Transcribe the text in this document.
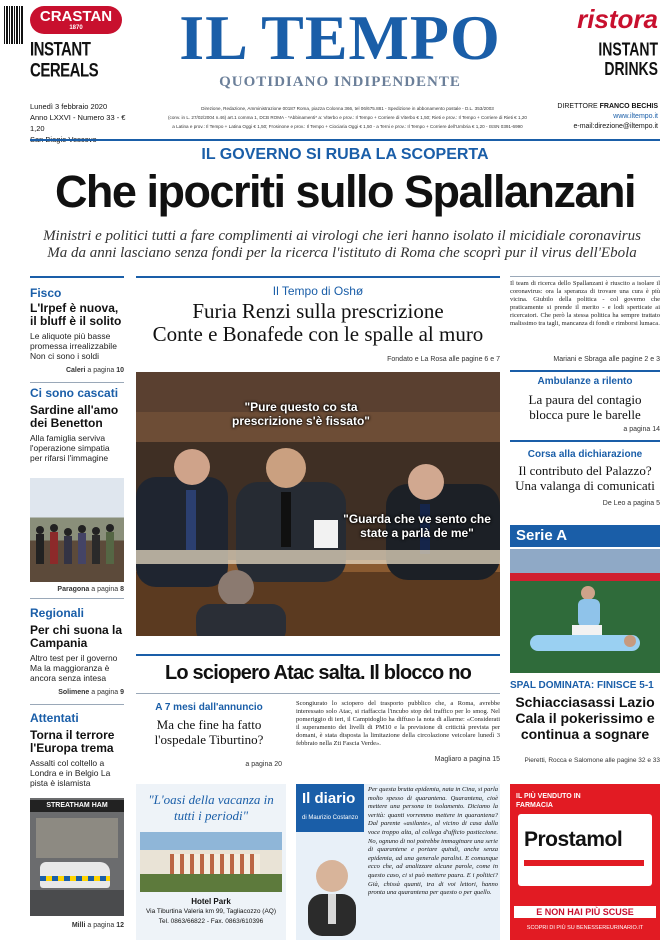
CRASTAN
1870
INSTANT CEREALS	IL TEMPO
QUOTIDIANO INDIPENDENTE
ristora
INSTANT DRINKS
Lunedì 3 febbraio 2020
Anno LXXVI - Numero 33 - € 1,20
Direzione, Redazione, Amministrazione 00187 Roma, piazza Colonna 366, tel 06/675.881 - Spedizione in abbonamento postale - D.L. 353/2003
(conv. in L. 27/02/2004 n.46) art.1 comma 1, DCB ROMA - *Abbinamenti* a: Viterbo e prov.: Il Tempo + Corriere di Viterbo € 1,50; Rieti e prov.: Il Tempo + Corriere di Rieti € 1,20
a Latina e prov.: Il Tempo + Latina Oggi € 1,50; Frosinone e prov.: Il Tempo + Ciociaria Oggi € 1,50 - a Terni e prov.: Il Tempo + Corriere dell'Umbria € 1,20 - ISSN 0391-6990
DIRETTORE FRANCO BECHIS
www.iltempo.it
e-mail:direzione@iltempo.it
IL GOVERNO SI RUBA LA SCOPERTA
Che ipocriti sullo Spallanzani
Ministri e politici tutti a fare complimenti ai virologi che ieri hanno isolato il micidiale coronavirus
Ma da anni lasciano senza fondi per la ricerca l'istituto di Roma che scoprì pur il virus dell'Ebola
Fisco
L'Irpef è nuova, il bluff è il solito
Le aliquote più basse promessa irrealizzabile Non ci sono i soldi
Caleri a pagina 10
Ci sono cascati
Sardine all'amo dei Benetton
Alla famiglia serviva l'operazione simpatia per rifarsi l'immagine
Paragona a pagina 8
Regionali
Per chi suona la Campania
Altro test per il governo Ma la maggioranza è ancora senza intesa
Solimene a pagina 9
Attentati
Torna il terrore l'Europa trema
Assalti col coltello a Londra e in Belgio La pista è islamista
STREATHAM HAM
Milli a pagina 12
Il Tempo di Oshø
Furia Renzi sulla prescrizione
Conte e Bonafede con le spalle al muro
Fondato e La Rosa alle pagine 6 e 7
"Pure questo co sta prescrizione s'è fissato"
"Guarda che ve sento che state a parlà de me"
Lo sciopero Atac salta. Il blocco no
A 7 mesi dall'annuncio
Ma che fine ha fatto l'ospedale Tiburtino?
a pagina 20
Scongiurato lo sciopero del trasporto pubblico che, a Roma, avrebbe interessato solo Atac, si riaffaccia l'incubo stop del traffico per lo smog. Nel pomeriggio di ieri, il Campidoglio ha diffuso la nota di allarme: «Considerati il superamento dei livelli di PM10 e la previsione di criticità prevista per domani, è stata disposta la limitazione della circolazione veicolare lunedì 3 febbraio nella Zti Fascia Verde».
Magliaro a pagina 15
Il team di ricerca dello Spallanzani è riuscito a isolare il coronavirus: ora la speranza di trovare una cura è più vicina. Giubilo della politica - col governo che praticamente si prende il merito - e lodi sperticate ai ricercatori. Che però la stessa politica ha sempre trattato malissimo tra tagli, mancanza di fondi e rimborsi lumaca.
Mariani e Sbraga alle pagine 2 e 3
Ambulanze a rilento
La paura del contagio blocca pure le barelle
a pagina 14
Corsa alla dichiarazione
Il contributo del Palazzo? Una valanga di comunicati
De Leo a pagina 5
Serie A
SPAL DOMINATA: FINISCE 5-1
Schiacciasassi Lazio Cala il pokerissimo e continua a sognare
Pieretti, Rocca e Salomone alle pagine 32 e 33
"L'oasi della vacanza in tutti i periodi"
Hotel Park
Via Tiburtina Valeria km 99, Tagliacozzo (AQ)
Tel. 0863/66822 - Fax. 0863/610396
Il diario
di Maurizio Costanzo
Per questa brutta epidemia, nata in Cina, si parla molto spesso di quarantena. Quarantena, cioè mettere una persona in isolamento. Diciamo la verità: quanti vorremmo mettere in quarantena? Dal parente «asilante», al vicino di casa dalla voce troppo alta, al collega d'ufficio pasticcione. No, ognuno di noi potrebbe immaginare una serie di quarantene e portare quindi, anche senza epidemia, ad una generale paralisi. E comunque ecco che, ad analizzare alcune parole, come in questo caso, ci si può mettere paura. E i politici? Già, chissà quanti, tra di voi lettori, hanno pronta una quarantena per questo o per quello.
IL PIÙ VENDUTO IN FARMACIA
Prostamol
E NON HAI PIÙ SCUSE
SCOPRI DI PIÙ SU BENESSEREURINARIO.IT
